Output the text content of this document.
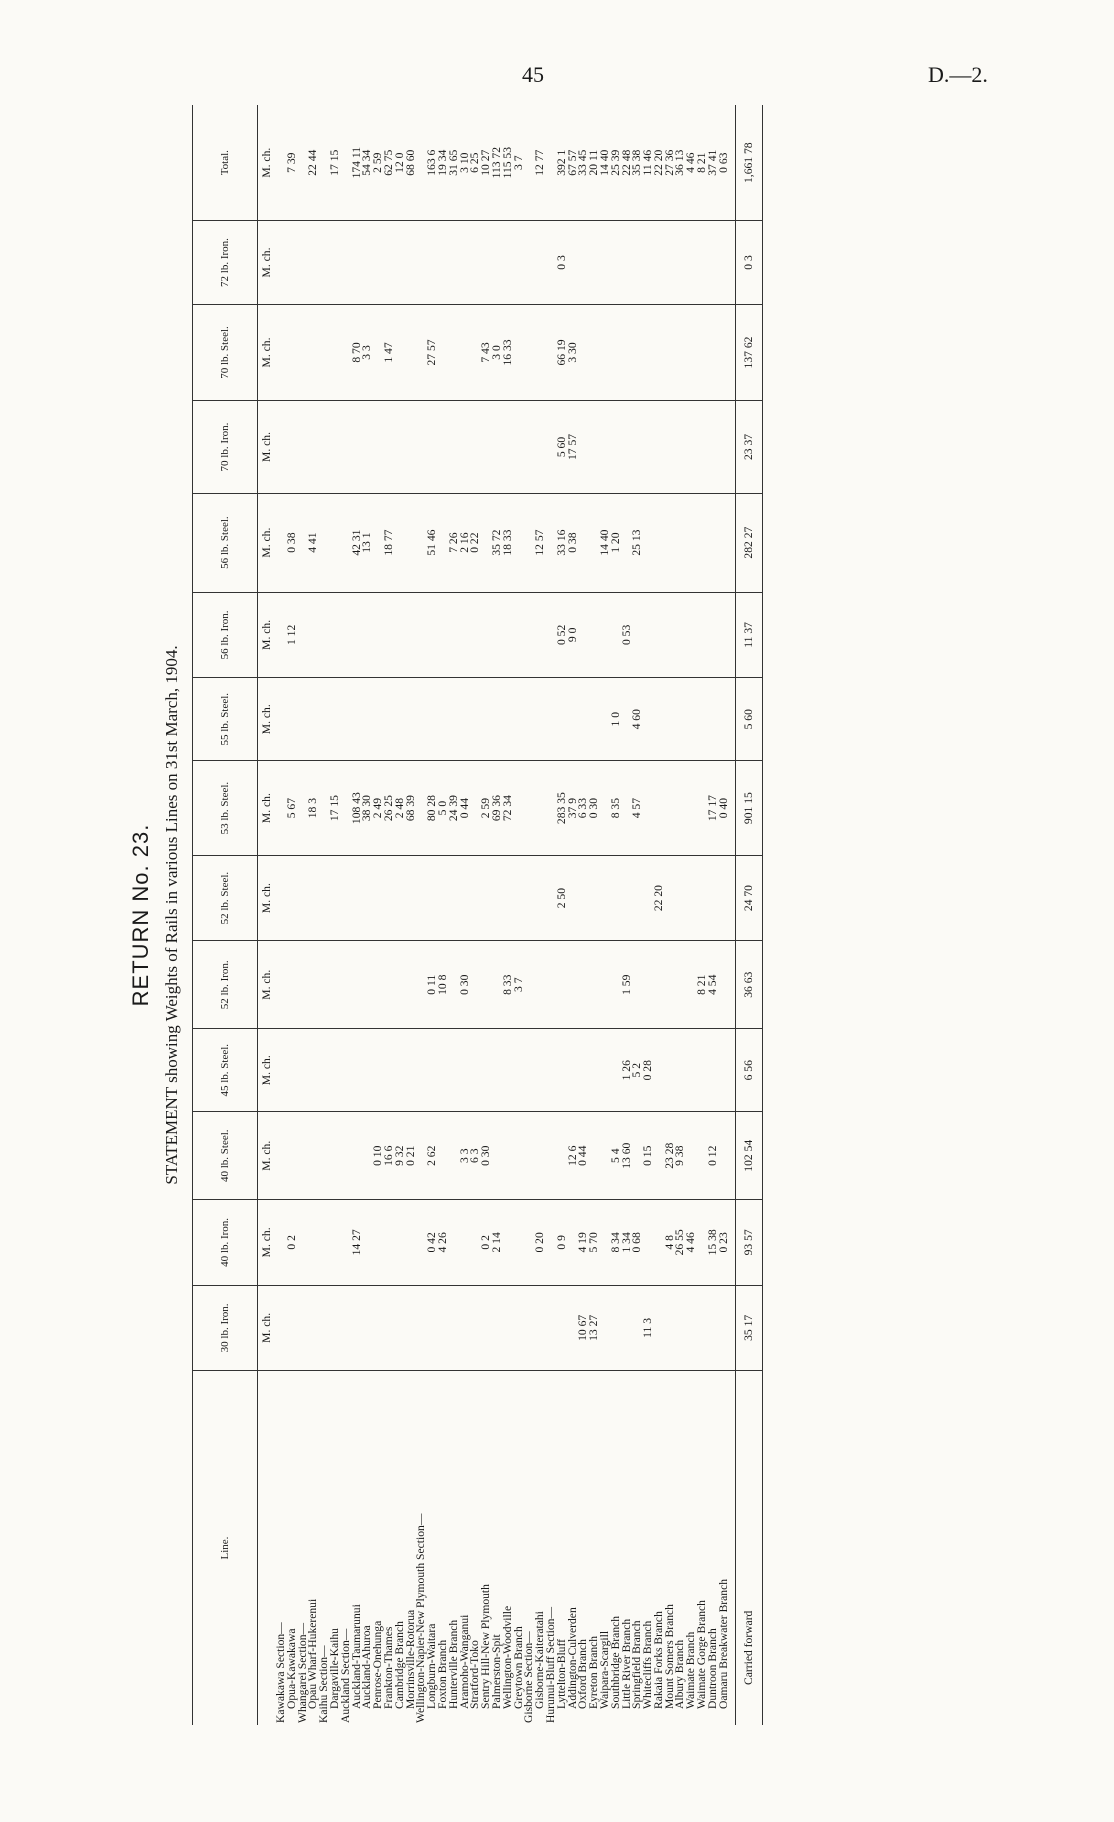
45	D.—2.
RETURN No. 23. STATEMENT showing Weights of Rails in various Lines on 31st March, 1904.
Line.	30 lb. Iron.	40 lb. Iron.	40 lb. Steel.	45 lb. Steel.	52 lb. Iron.	52 lb. Steel.	53 lb. Steel.	55 lb. Steel.	56 lb. Iron.	56 lb. Steel.	70 lb. Iron.	70 lb. Steel.	72 lb. Iron.	Total.
	M. ch.	M. ch.	M. ch.	M. ch.	M. ch.	M. ch.	M. ch.	M. ch.	M. ch.	M. ch.	M. ch.	M. ch.	M. ch.	M. ch.
Kawakawa Section—														
Opua-Kawakawa		0 2					5 67		1 12	0 38				7 39
Whangarei Section—														
Opau Wharf-Hukerenui							18 3			4 41				22 44
Kaihu Section—														
Dargaville-Kaihu							17 15							17 15
Auckland Section—														
Auckland-Taumarunui		14 27					108 43			42 31		8 70		174 11
Auckland-Ahuroa							38 30			13 1		3 3		54 34
Penrose-Onehunga			0 10				2 49							2 59
Frankton-Thames			16 6				26 25			18 77		1 47		62 75
Cambridge Branch			9 32				2 48							12 0
Morrinsville-Rotorua			0 21				68 39							68 60
Wellington-Napier-New Plymouth Section—														
Longburn-Waitara		0 42	2 62		0 11		80 28			51 46		27 57		163 6
Foxton Branch		4 26			10 8		5 0							19 34
Hunterville Branch							24 39			7 26				31 65
Aramoho-Wanganui			3 3		0 30		0 44			2 16				3 10
Stratford-Toko			6 3							0 22				6 25
Sentry Hill-New Plymouth		0 2	0 30				2 59					7 43		10 27
Palmerston-Spit		2 14					69 36			35 72		3 0		113 72
Wellington-Woodville					8 33		72 34			18 33		16 33		115 53
Greytown Branch					3 7									3 7
Gisborne Section—														
Gisborne-Kaiteratahi		0 20								12 57				12 77
Hurunui-Bluff Section—														
Lyttelton-Bluff		0 9				2 50	283 35		0 52	33 16	5 60	66 19	0 3	392 1
Addington-Culverden			12 6				37 9		9 0	0 38	17 57	3 30		67 57
Oxford Branch	10 67	4 19	0 44				6 33							33 45
Eyreton Branch	13 27	5 70					0 30							20 11
Waipara-Scargill										14 40				14 40
Southbridge Branch		8 34	5 4				8 35	1 0		1 20				25 39
Little River Branch		1 34	13 60	1 26	1 59				0 53					22 48
Springfield Branch		0 68		5 2			4 57	4 60		25 13				35 38
Whitecliffs Branch	11 3		0 15	0 28										11 46
Rakaia Forks Branch						22 20								22 20
Mount Somers Branch		4 8	23 28											27 36
Albury Branch		26 55	9 38											36 13
Waimate Branch		4 46												4 46
Waimate Gorge Branch					8 21									8 21
Duntroon Branch		15 38	0 12		4 54		17 17							37 41
Oamaru Breakwater Branch		0 23					0 40							0 63

Carried forward	35 17	93 57	102 54	6 56	36 63	24 70	901 15	5 60	11 37	282 27	23 37	137 62	0 3	1,661 78
